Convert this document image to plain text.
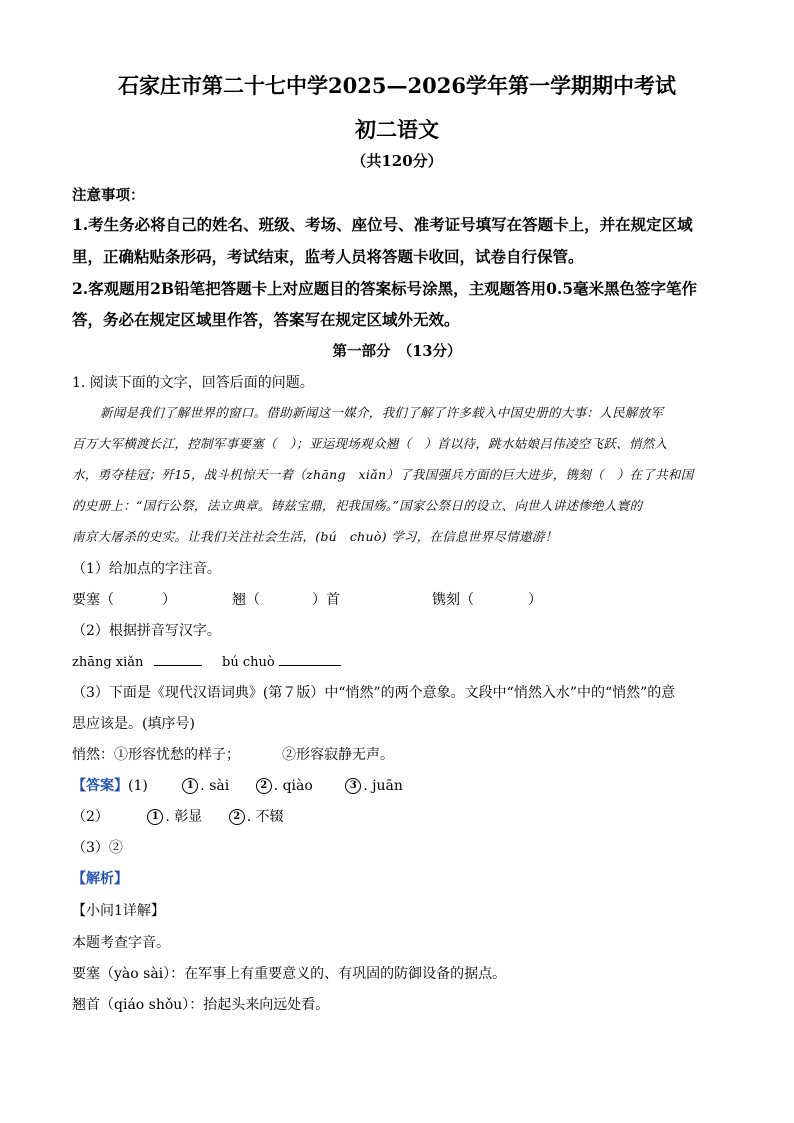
石家庄市第二十七中学2025—2026学年第一学期期中考试
初二语文
（共120分）
注意事项：
1.考生务必将自己的姓名、班级、考场、座位号、准考证号填写在答题卡上，并在规定区域
里，正确粘贴条形码，考试结束，监考人员将答题卡收回，试卷自行保管。
2.客观题用2B铅笔把答题卡上对应题目的答案标号涂黑，主观题答用0.5毫米黑色签字笔作
答，务必在规定区域里作答，答案写在规定区域外无效。
第一部分　（13分）
1. 阅读下面的文字，回答后面的问题。
新闻是我们了解世界的窗口。借助新闻这一媒介，我们了解了许多载入中国史册的大事：人民解放军
百万大军横渡长江，控制军事要塞（　）；亚运现场观众翘（　）首以待，跳水姑娘吕伟凌空飞跃、悄然入
水，勇夺桂冠；歼15，战斗机惊天一着（zhāng　xiǎn）了我国强兵方面的巨大进步，镌刻（　）在了共和国
的史册上：“国行公祭，法立典章。铸兹宝鼎，祀我国殇。”国家公祭日的设立、向世人讲述惨绝人寰的
南京大屠杀的史实。让我们关注社会生活，(bú　chuò) 学习，在信息世界尽情遨游！
（1）给加点的字注音。
要塞（	）	翘（	）首	镌刻（	）
（2）根据拼音写汉字。
zhāng xiǎn	bú chuò
（3）下面是《现代汉语词典》(第７版）中“悄然”的两个意象。文段中“悄然入水”中的“悄然”的意
思应该是。(填序号)
悄然：①形容忧愁的样子；	②形容寂静无声。
【答案】(1)	1 . sài	2 . qiào	3 . juān
（2）	1 . 彰显	2 . 不辍
（3）②
【解析】
【小问1详解】
本题考查字音。
要塞（yào sài）：在军事上有重要意义的、有巩固的防御设备的据点。
翘首（qiáo shǒu）：抬起头来向远处看。
